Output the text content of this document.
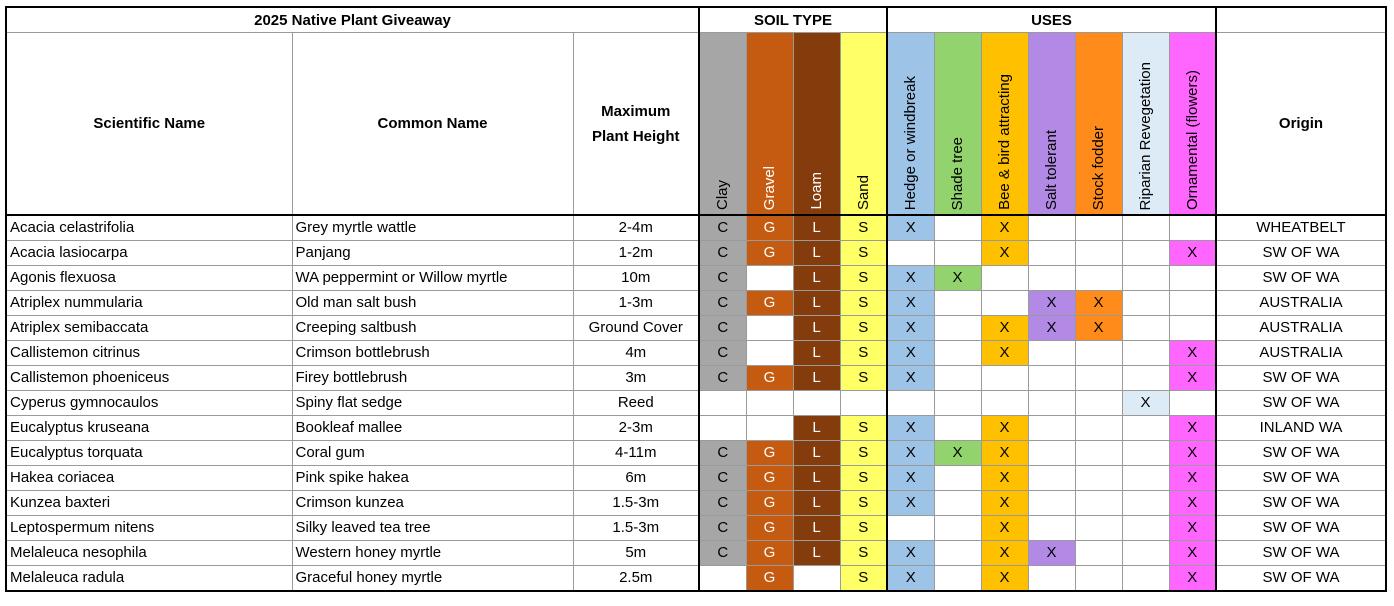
2025 Native Plant Giveaway			SOIL TYPE				USES							
Scientific Name	Common Name	Maximum Plant Height	Clay	Gravel	Loam	Sand	Hedge or windbreak	Shade tree	Bee & bird attracting	Salt tolerant	Stock fodder	Riparian Revegetation	Ornamental (flowers)	Origin
Acacia celastrifolia	Grey myrtle wattle	2-4m	C	G	L	S	X		X					WHEATBELT
Acacia lasiocarpa	Panjang	1-2m	C	G	L	S			X				X	SW OF WA
Agonis flexuosa	WA peppermint or Willow myrtle	10m	C		L	S	X	X						SW OF WA
Atriplex nummularia	Old man salt bush	1-3m	C	G	L	S	X			X	X			AUSTRALIA
Atriplex semibaccata	Creeping saltbush	Ground Cover	C		L	S	X		X	X	X			AUSTRALIA
Callistemon citrinus	Crimson bottlebrush	4m	C		L	S	X		X				X	AUSTRALIA
Callistemon phoeniceus	Firey bottlebrush	3m	C	G	L	S	X						X	SW OF WA
Cyperus gymnocaulos	Spiny flat sedge	Reed										X		SW OF WA
Eucalyptus kruseana	Bookleaf mallee	2-3m			L	S	X		X				X	INLAND WA
Eucalyptus torquata	Coral gum	4-11m	C	G	L	S	X	X	X				X	SW OF WA
Hakea coriacea	Pink spike hakea	6m	C	G	L	S	X		X				X	SW OF WA
Kunzea baxteri	Crimson kunzea	1.5-3m	C	G	L	S	X		X				X	SW OF WA
Leptospermum nitens	Silky leaved tea tree	1.5-3m	C	G	L	S			X				X	SW OF WA
Melaleuca nesophila	Western honey myrtle	5m	C	G	L	S	X		X	X			X	SW OF WA
Melaleuca radula	Graceful honey myrtle	2.5m		G		S	X		X				X	SW OF WA
